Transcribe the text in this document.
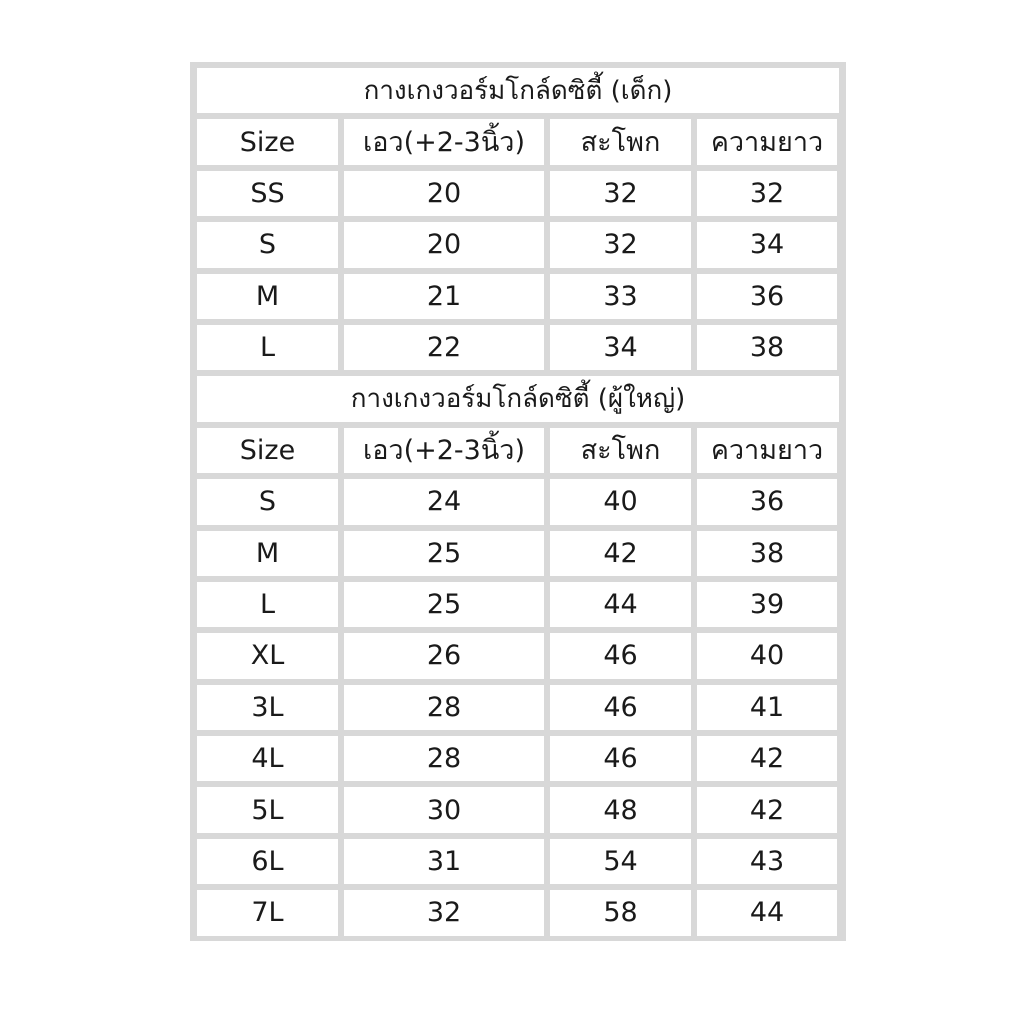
กางเกงวอร์มโกล์ดซิตี้ (เด็ก)
Size	เอว(+2-3นิ้ว)	สะโพก	ความยาว
SS	20	32	32
S	20	32	34
M	21	33	36
L	22	34	38
กางเกงวอร์มโกล์ดซิตี้ (ผู้ใหญ่)
Size	เอว(+2-3นิ้ว)	สะโพก	ความยาว
S	24	40	36
M	25	42	38
L	25	44	39
XL	26	46	40
3L	28	46	41
4L	28	46	42
5L	30	48	42
6L	31	54	43
7L	32	58	44
